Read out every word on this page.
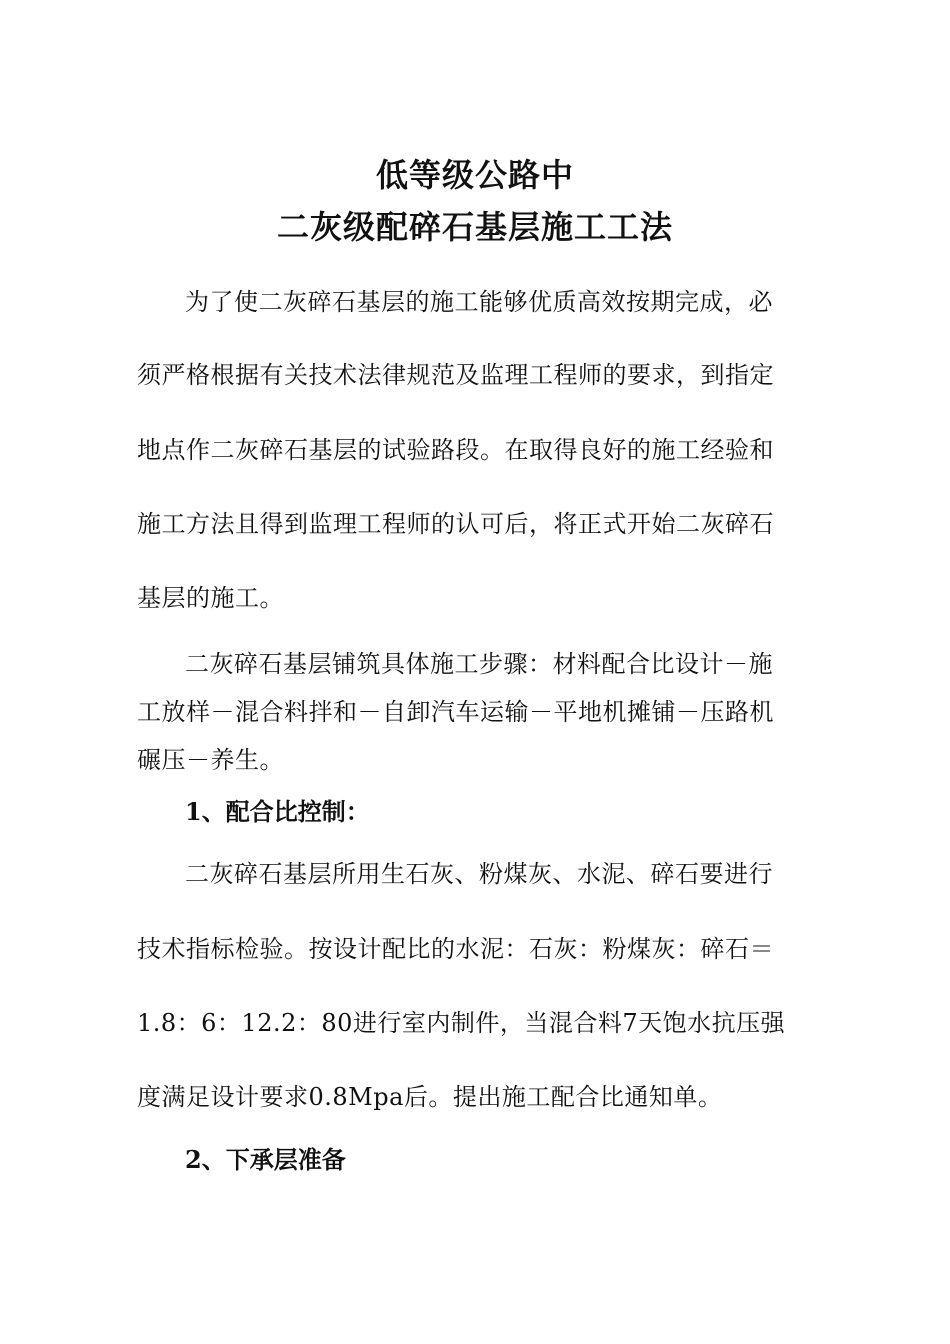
低等级公路中
二灰级配碎石基层施工工法
为了使二灰碎石基层的施工能够优质高效按期完成，必
须严格根据有关技术法律规范及监理工程师的要求，到指定
地点作二灰碎石基层的试验路段。在取得良好的施工经验和
施工方法且得到监理工程师的认可后，将正式开始二灰碎石
基层的施工。
二灰碎石基层铺筑具体施工步骤：材料配合比设计－施
工放样－混合料拌和－自卸汽车运输－平地机摊铺－压路机
碾压－养生。
1、配合比控制：
二灰碎石基层所用生石灰、粉煤灰、水泥、碎石要进行
技术指标检验。按设计配比的水泥：石灰：粉煤灰：碎石＝
1.8：6：12.2：80进行室内制件，当混合料7天饱水抗压强
度满足设计要求0.8Mpa后。提出施工配合比通知单。
2、下承层准备
